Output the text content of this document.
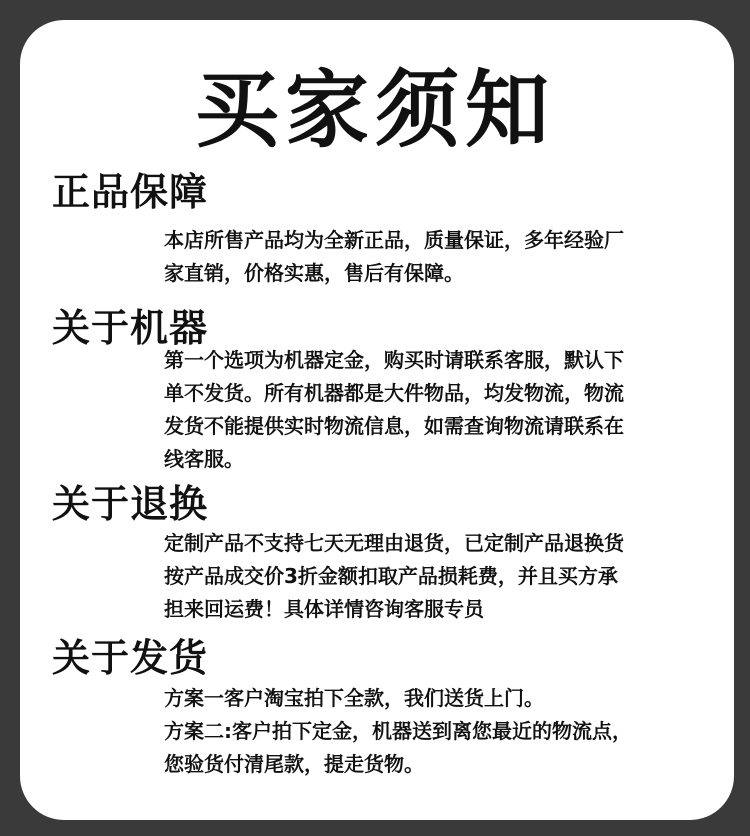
买家须知
正品保障
本店所售产品均为全新正品，质量保证，多年经验厂
家直销，价格实惠，售后有保障。
关于机器
第一个选项为机器定金，购买时请联系客服，默认下
单不发货。所有机器都是大件物品，均发物流，物流
发货不能提供实时物流信息，如需查询物流请联系在
线客服。
关于退换
定制产品不支持七天无理由退货，已定制产品退换货
按产品成交价3折金额扣取产品损耗费，并且买方承
担来回运费！具体详情咨询客服专员
关于发货
方案一客户淘宝拍下全款，我们送货上门。
方案二:客户拍下定金，机器送到离您最近的物流点，
您验货付清尾款，提走货物。
